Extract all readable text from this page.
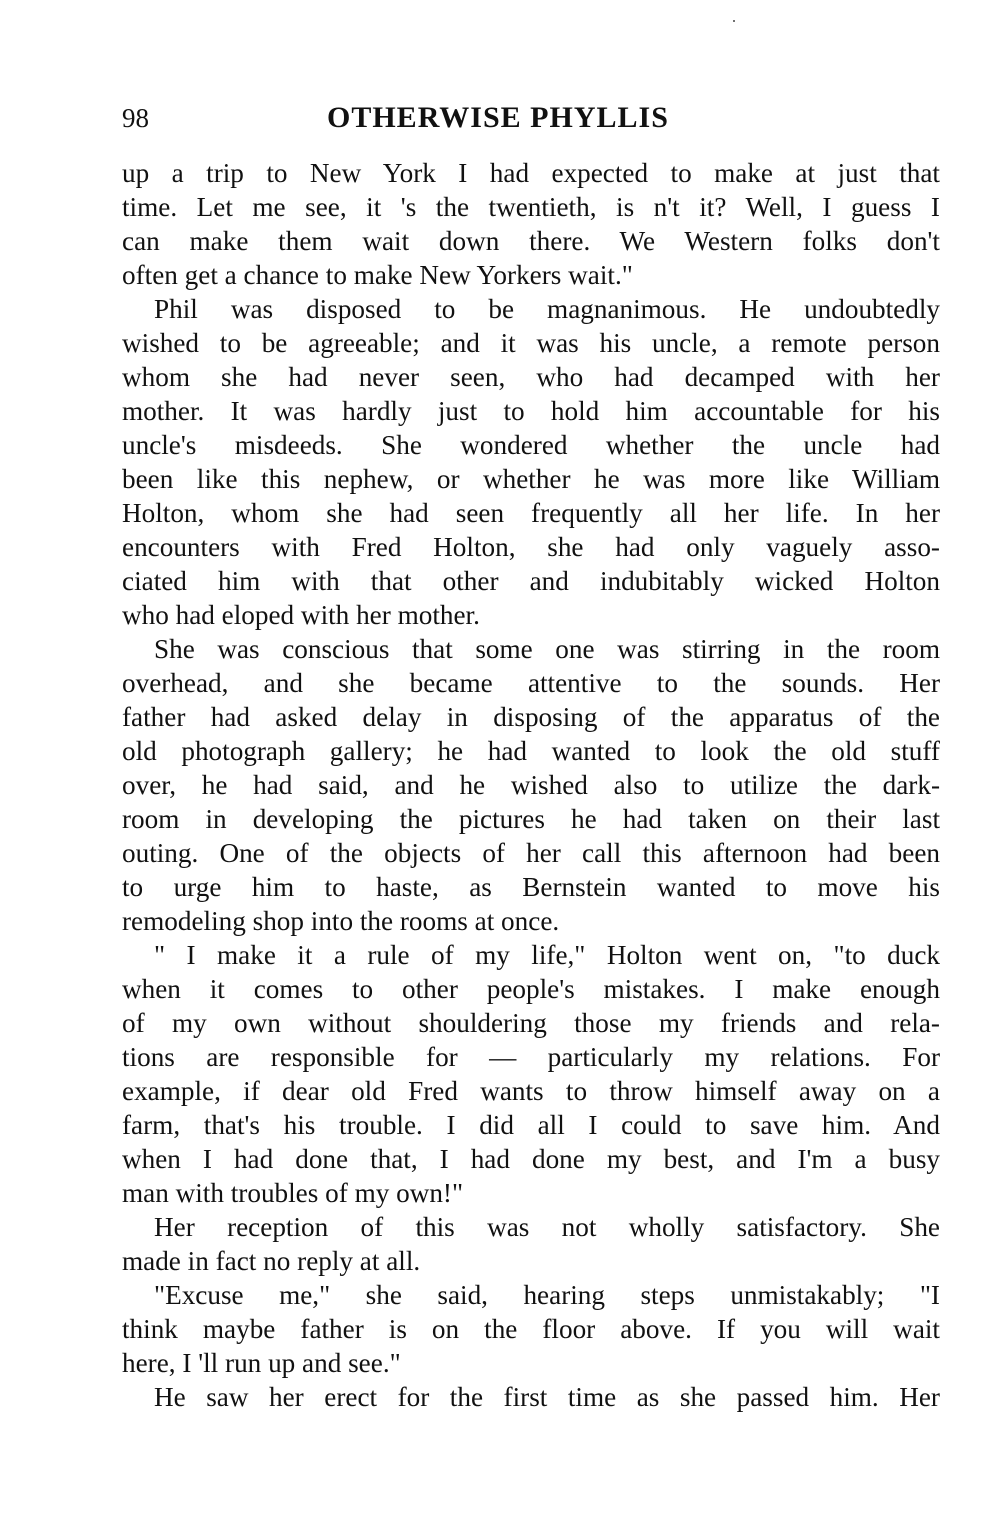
98	OTHERWISE PHYLLIS
up a trip to New York I had expected to make at just that
time. Let me see, it 's the twentieth, is n't it? Well, I guess I
can make them wait down there. We Western folks don't
often get a chance to make New Yorkers wait."
Phil was disposed to be magnanimous. He undoubtedly
wished to be agreeable; and it was his uncle, a remote person
whom she had never seen, who had decamped with her
mother. It was hardly just to hold him accountable for his
uncle's misdeeds. She wondered whether the uncle had
been like this nephew, or whether he was more like William
Holton, whom she had seen frequently all her life. In her
encounters with Fred Holton, she had only vaguely asso-
ciated him with that other and indubitably wicked Holton
who had eloped with her mother.
She was conscious that some one was stirring in the room
overhead, and she became attentive to the sounds. Her
father had asked delay in disposing of the apparatus of the
old photograph gallery; he had wanted to look the old stuff
over, he had said, and he wished also to utilize the dark-
room in developing the pictures he had taken on their last
outing. One of the objects of her call this afternoon had been
to urge him to haste, as Bernstein wanted to move his
remodeling shop into the rooms at once.
" I make it a rule of my life," Holton went on, "to duck
when it comes to other people's mistakes. I make enough
of my own without shouldering those my friends and rela-
tions are responsible for — particularly my relations. For
example, if dear old Fred wants to throw himself away on a
farm, that's his trouble. I did all I could to save him. And
when I had done that, I had done my best, and I'm a busy
man with troubles of my own!"
Her reception of this was not wholly satisfactory. She
made in fact no reply at all.
"Excuse me," she said, hearing steps unmistakably; "I
think maybe father is on the floor above. If you will wait
here, I 'll run up and see."
He saw her erect for the first time as she passed him. Her
